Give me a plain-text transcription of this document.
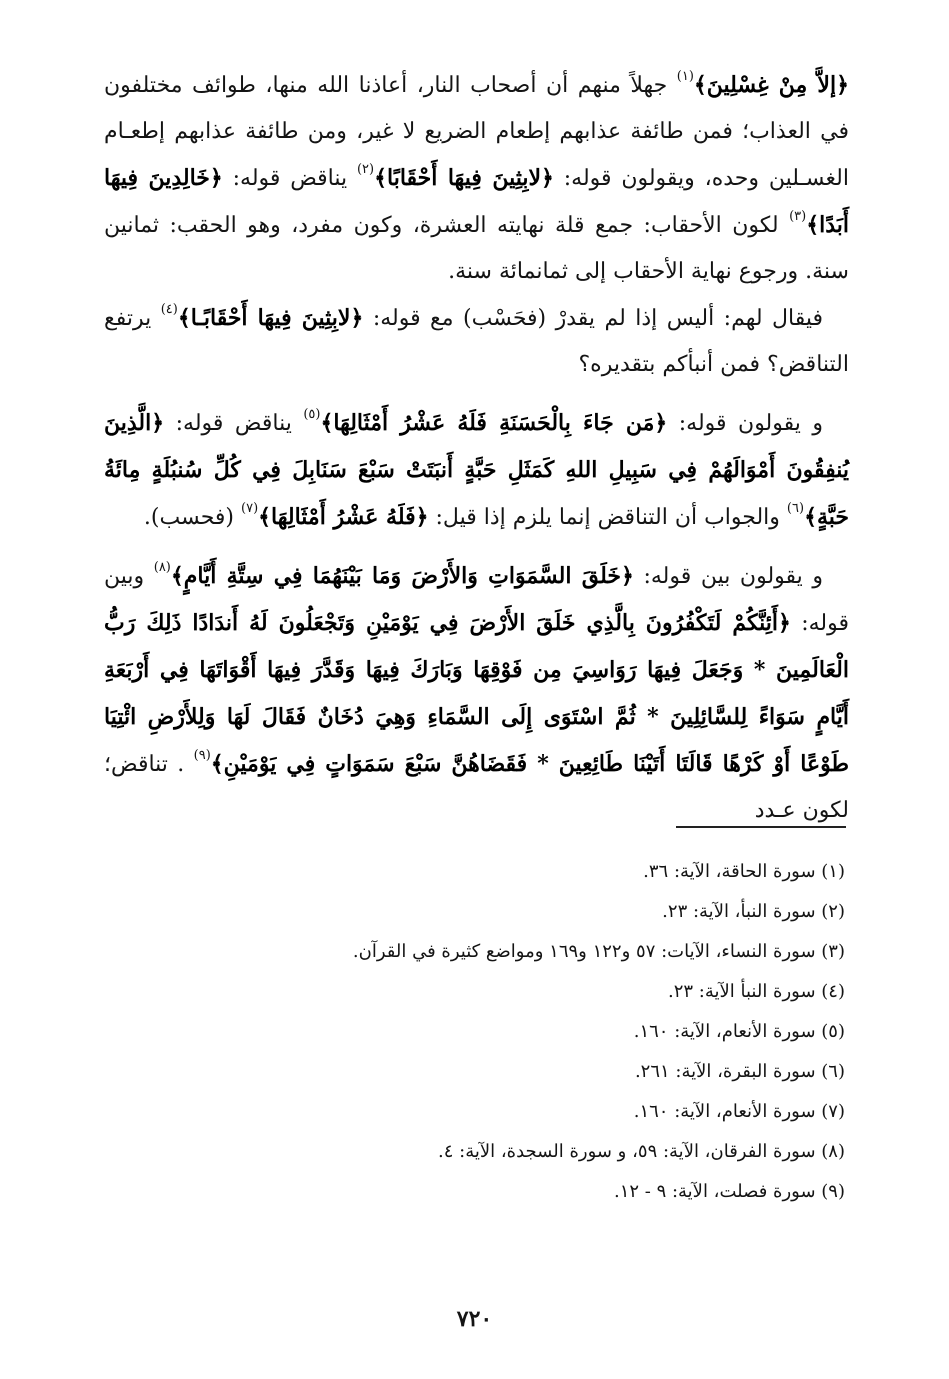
﴿إلاَّ مِنْ غِسْلِينَ﴾$^{(١)}$ جهلاً منهم أن أصحاب النار، أعاذنا الله منها، طوائف مختلفون في العذاب؛ فمن طائفة عذابهم إطعام الضريع لا غير، ومن طائفة عذابهم إطعـام الغسـلين وحده، ويقولون قوله: ﴿لابِثِينَ فِيهَا أَحْقَابًا﴾$^{(٢)}$ يناقض قوله: ﴿خَالِدِينَ فِيهَا أَبَدًا﴾$^{(٣)}$ لكون الأحقاب: جمع قلة نهايته العشرة، وكون مفرد، وهو الحقب: ثمانين سنة. ورجوع نهاية الأحقاب إلى ثمانمائة سنة.

فيقال لهم: أليس إذا لم يقدرْ (فحَسْب) مع قوله: ﴿لابِثِينَ فِيهَا أَحْقَابًـا﴾$^{(٤)}$ يرتفع التناقض؟ فمن أنبأكم بتقديره؟

و يقولون قوله: ﴿مَن جَاءَ بِالْحَسَنَةِ فَلَهُ عَشْرُ أَمْثَالِهَا﴾$^{(٥)}$ يناقض قوله: ﴿الَّذِينَ يُنفِقُونَ أَمْوَالَهُمْ فِي سَبِيلِ اللهِ كَمَثَلِ حَبَّةٍ أَنبَتَتْ سَبْعَ سَنَابِلَ فِي كُلِّ سُنبُلَةٍ مِائَةُ حَبَّةٍ﴾$^{(٦)}$ والجواب أن التناقض إنما يلزم إذا قيل: ﴿فَلَهُ عَشْرُ أَمْثَالِهَا﴾$^{(٧)}$ (فحسب).

و يقولون بين قوله: ﴿خَلَقَ السَّمَوَاتِ وَالأَرْضَ وَمَا بَيْنَهُمَا فِي سِتَّةِ أَيَّامٍ﴾$^{(٨)}$ وبين قوله: ﴿أَئِنَّكُمْ لَتَكْفُرُونَ بِالَّذِي خَلَقَ الأَرْضَ فِي يَوْمَيْنِ وَتَجْعَلُونَ لَهُ أَندَادًا ذَلِكَ رَبُّ الْعَالَمِينَ * وَجَعَلَ فِيهَا رَوَاسِيَ مِن فَوْقِهَا وَبَارَكَ فِيهَا وَقَدَّرَ فِيهَا أَقْوَاتَهَا فِي أَرْبَعَةِ أَيَّامٍ سَوَاءً لِلسَّائِلِينَ * ثُمَّ اسْتَوَى إِلَى السَّمَاءِ وَهِيَ دُخَانٌ فَقَالَ لَهَا وَلِلأَرْضِ ائْتِيَا طَوْعًا أَوْ كَرْهًا قَالَتَا أَتَيْنَا طَائِعِينَ * فَقَضَاهُنَّ سَبْعَ سَمَوَاتٍ فِي يَوْمَيْنِ﴾$^{(٩)}$ . تناقض؛ لكون عـدد

(١) سورة الحاقة، الآية: ٣٦.
(٢) سورة النبأ، الآية: ٢٣.
(٣) سورة النساء، الآيات: ٥٧ و١٢٢ و١٦٩ ومواضع كثيرة في القرآن.
(٤) سورة النبأ الآية: ٢٣.
(٥) سورة الأنعام، الآية: ١٦٠.
(٦) سورة البقرة، الآية: ٢٦١.
(٧) سورة الأنعام، الآية: ١٦٠.
(٨) سورة الفرقان، الآية: ٥٩، و سورة السجدة، الآية: ٤.
(٩) سورة فصلت، الآية: ٩ - ١٢.
٧٢٠
